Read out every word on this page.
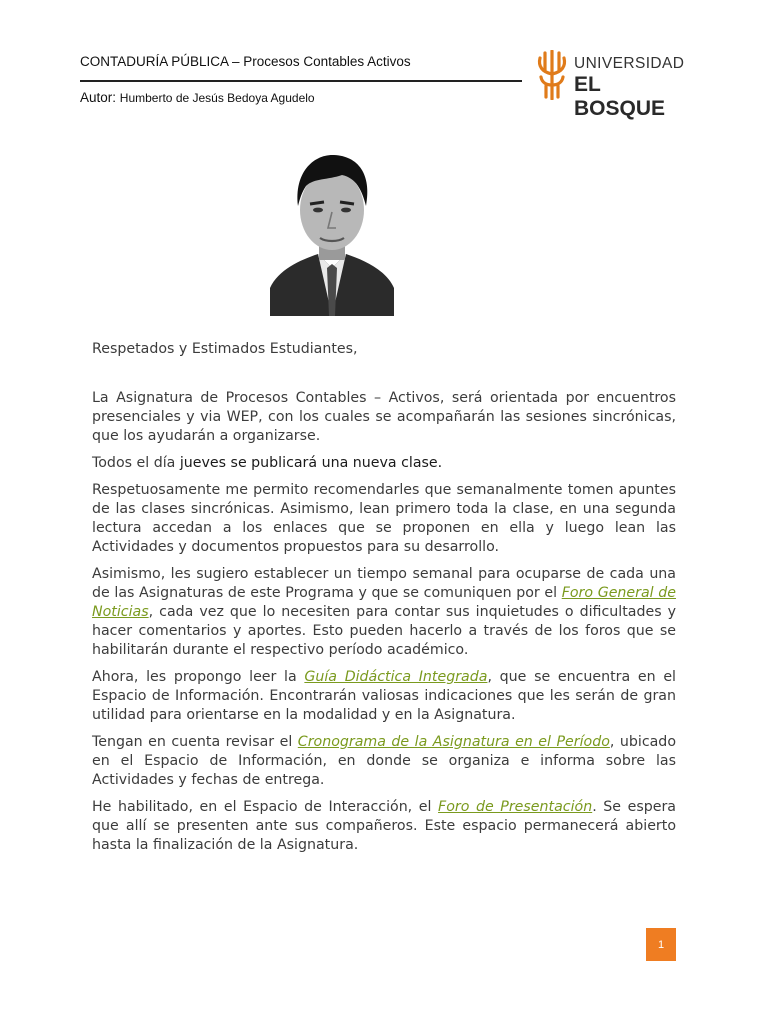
CONTADURÍA PÚBLICA – Procesos Contables Activos
Autor: Humberto de Jesús Bedoya Agudelo
UNIVERSIDAD
EL BOSQUE

Respetados y Estimados Estudiantes,

La Asignatura de Procesos Contables – Activos, será orientada por encuentros presenciales y via WEP, con los cuales se acompañarán las sesiones sincrónicas, que los ayudarán a organizarse.

Todos el día jueves se publicará una nueva clase.

Respetuosamente me permito recomendarles que semanalmente tomen apuntes de las clases sincrónicas. Asimismo, lean primero toda la clase, en una segunda lectura accedan a los enlaces que se proponen en ella y luego lean las Actividades y documentos propuestos para su desarrollo.

Asimismo, les sugiero establecer un tiempo semanal para ocuparse de cada una de las Asignaturas de este Programa y que se comuniquen por el Foro General de Noticias, cada vez que lo necesiten para contar sus inquietudes o dificultades y hacer comentarios y aportes. Esto pueden hacerlo a través de los foros que se habilitarán durante el respectivo período académico.

Ahora, les propongo leer la Guía Didáctica Integrada, que se encuentra en el Espacio de Información. Encontrarán valiosas indicaciones que les serán de gran utilidad para orientarse en la modalidad y en la Asignatura.

Tengan en cuenta revisar el Cronograma de la Asignatura en el Período, ubicado en el Espacio de Información, en donde se organiza e informa sobre las Actividades y fechas de entrega.

He habilitado, en el Espacio de Interacción, el Foro de Presentación. Se espera que allí se presenten ante sus compañeros. Este espacio permanecerá abierto hasta la finalización de la Asignatura.

1
